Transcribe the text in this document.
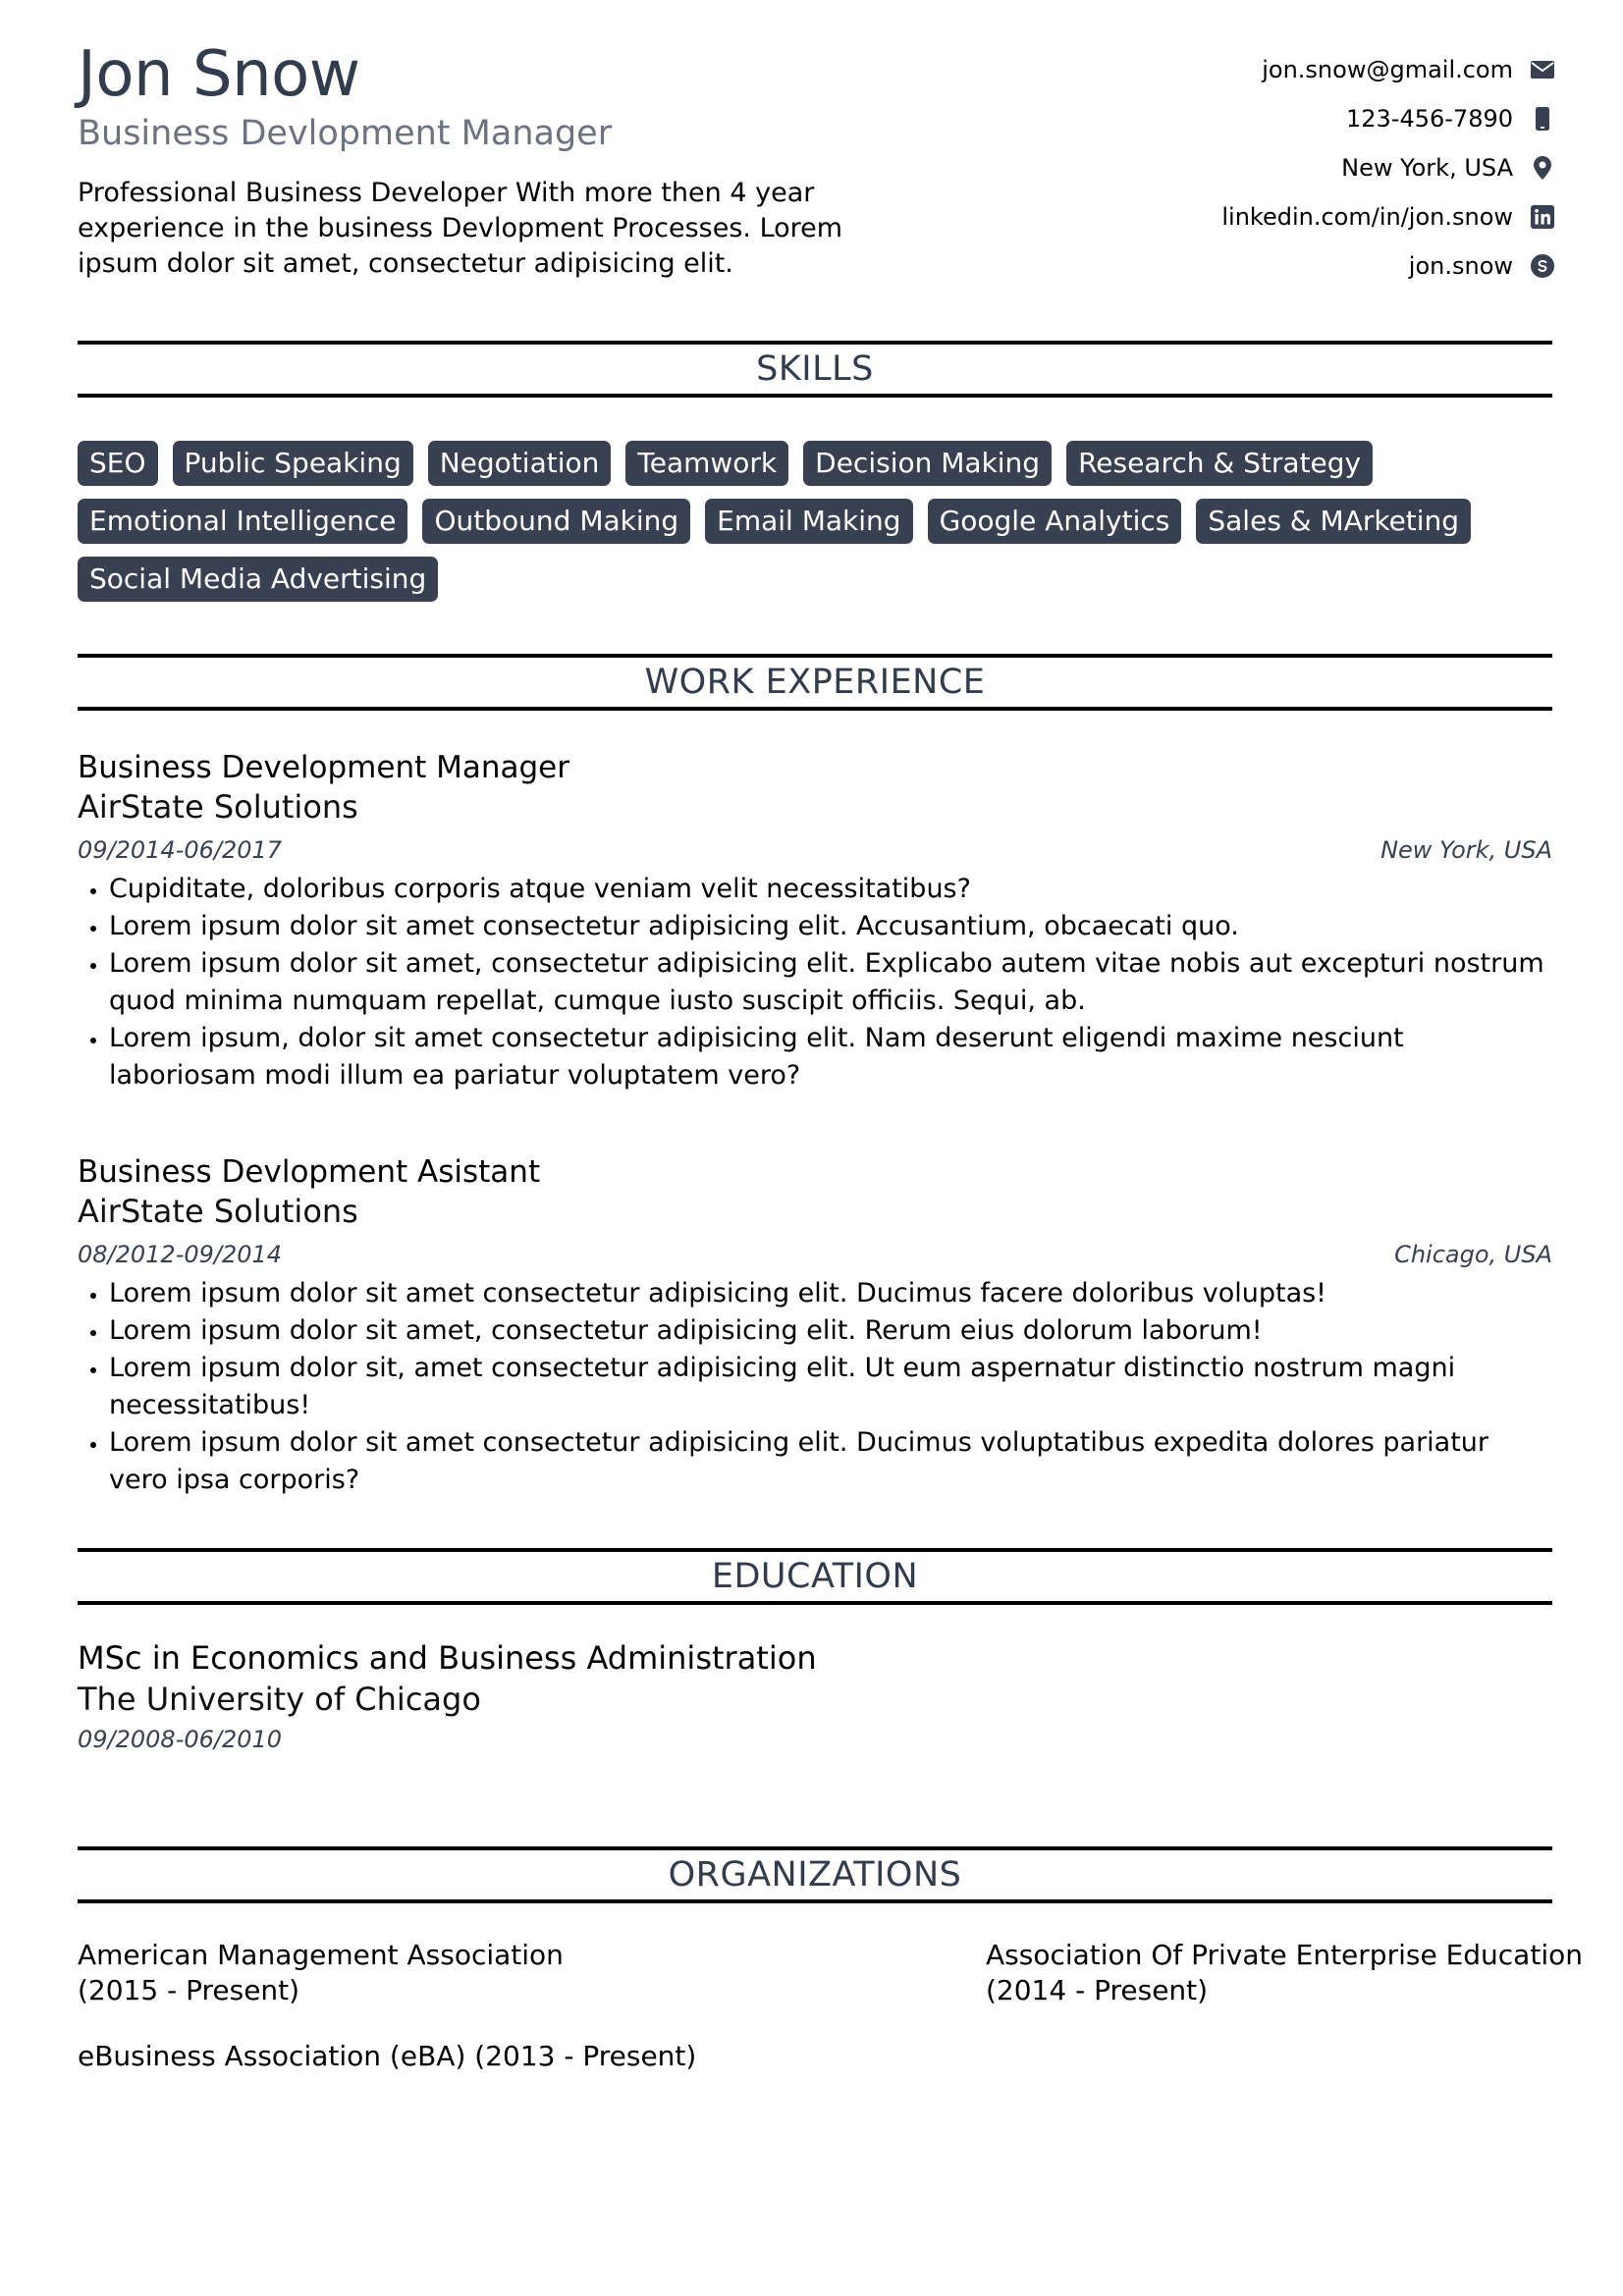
Jon Snow
Business Devlopment Manager

Professional Business Developer With more then 4 year experience in the business Devlopment Processes. Lorem ipsum dolor sit amet, consectetur adipisicing elit.

jon.snow@gmail.com
123-456-7890
New York, USA
linkedin.com/in/jon.snow
jon.snow
SKILLS
SEO	Public Speaking	Negotiation	Teamwork	Decision Making	Research & Strategy
Emotional Intelligence	Outbound Making	Email Making	Google Analytics	Sales & MArketing
Social Media Advertising
WORK EXPERIENCE

Business Development Manager

AirState Solutions

09/2014-06/2017	New York, USA
• Cupiditate, doloribus corporis atque veniam velit necessitatibus?
• Lorem ipsum dolor sit amet consectetur adipisicing elit. Accusantium, obcaecati quo.
• Lorem ipsum dolor sit amet, consectetur adipisicing elit. Explicabo autem vitae nobis aut excepturi nostrum quod minima numquam repellat, cumque iusto suscipit officiis. Sequi, ab.
• Lorem ipsum, dolor sit amet consectetur adipisicing elit. Nam deserunt eligendi maxime nesciunt laboriosam modi illum ea pariatur voluptatem vero?

Business Devlopment Asistant

AirState Solutions

08/2012-09/2014	Chicago, USA
• Lorem ipsum dolor sit amet consectetur adipisicing elit. Ducimus facere doloribus voluptas!
• Lorem ipsum dolor sit amet, consectetur adipisicing elit. Rerum eius dolorum laborum!
• Lorem ipsum dolor sit, amet consectetur adipisicing elit. Ut eum aspernatur distinctio nostrum magni necessitatibus!
• Lorem ipsum dolor sit amet consectetur adipisicing elit. Ducimus voluptatibus expedita dolores pariatur vero ipsa corporis?
EDUCATION

MSc in Economics and Business Administration

The University of Chicago

09/2008-06/2010
ORGANIZATIONS
American Management Association
(2015 - Present)
Association Of Private Enterprise Education
(2014 - Present)
eBusiness Association (eBA) (2013 - Present)
